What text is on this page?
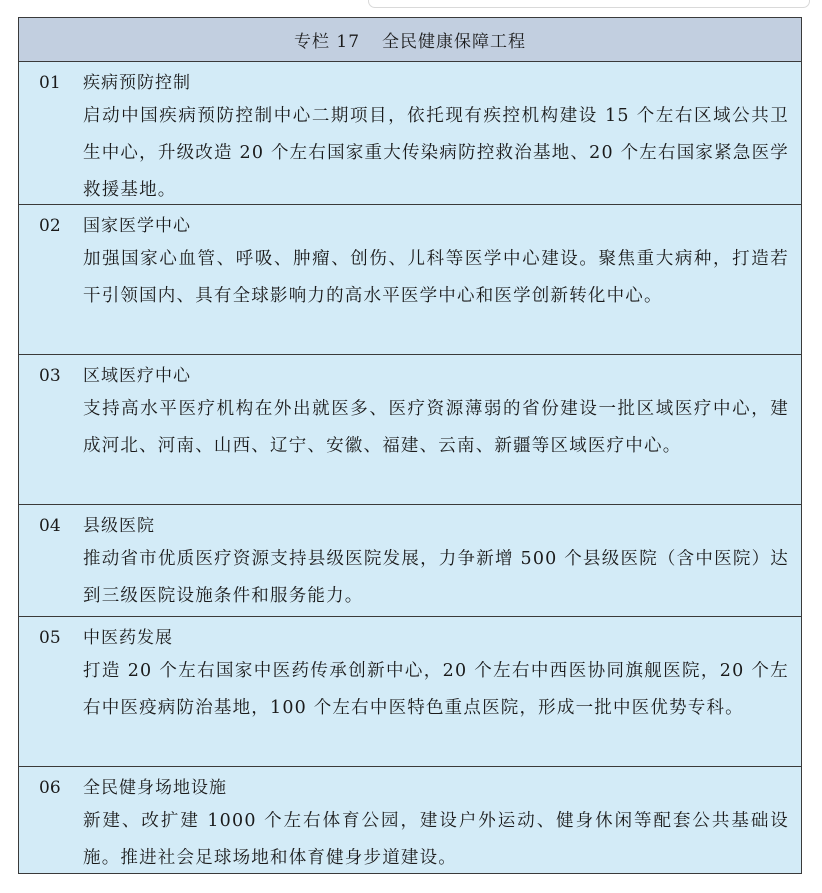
专栏 17 全民健康保障工程
01	疾病预防控制
启动中国疾病预防控制中心二期项目，依托现有疾控机构建设 15 个左右区域公共卫生中心，升级改造 20 个左右国家重大传染病防控救治基地、20 个左右国家紧急医学救援基地。
02	国家医学中心
加强国家心血管、呼吸、肿瘤、创伤、儿科等医学中心建设。聚焦重大病种，打造若干引领国内、具有全球影响力的高水平医学中心和医学创新转化中心。
03	区域医疗中心
支持高水平医疗机构在外出就医多、医疗资源薄弱的省份建设一批区域医疗中心，建成河北、河南、山西、辽宁、安徽、福建、云南、新疆等区域医疗中心。
04	县级医院
推动省市优质医疗资源支持县级医院发展，力争新增 500 个县级医院（含中医院）达到三级医院设施条件和服务能力。
05	中医药发展
打造 20 个左右国家中医药传承创新中心，20 个左右中西医协同旗舰医院，20 个左右中医疫病防治基地，100 个左右中医特色重点医院，形成一批中医优势专科。
06	全民健身场地设施
新建、改扩建 1000 个左右体育公园，建设户外运动、健身休闲等配套公共基础设施。推进社会足球场地和体育健身步道建设。
